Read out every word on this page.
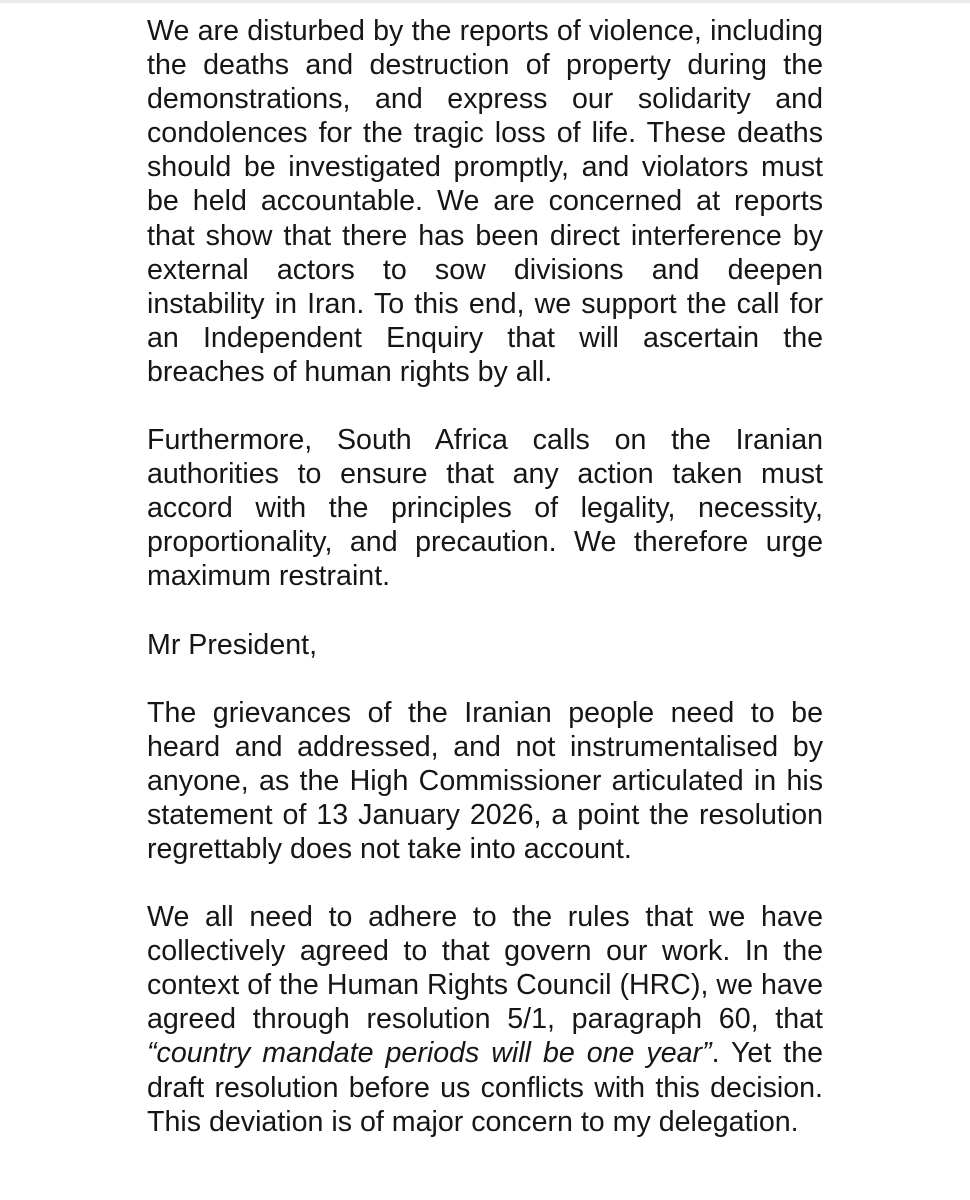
We are disturbed by the reports of violence, including the deaths and destruction of property during the demonstrations, and express our solidarity and condolences for the tragic loss of life. These deaths should be investigated promptly, and violators must be held accountable. We are concerned at reports that show that there has been direct interference by external actors to sow divisions and deepen instability in Iran. To this end, we support the call for an Independent Enquiry that will ascertain the breaches of human rights by all.

Furthermore, South Africa calls on the Iranian authorities to ensure that any action taken must accord with the principles of legality, necessity, proportionality, and precaution. We therefore urge maximum restraint.

Mr President,

The grievances of the Iranian people need to be heard and addressed, and not instrumentalised by anyone, as the High Commissioner articulated in his statement of 13 January 2026, a point the resolution regrettably does not take into account.

We all need to adhere to the rules that we have collectively agreed to that govern our work. In the context of the Human Rights Council (HRC), we have agreed through resolution 5/1, paragraph 60, that “country mandate periods will be one year”. Yet the draft resolution before us conflicts with this decision. This deviation is of major concern to my delegation.
